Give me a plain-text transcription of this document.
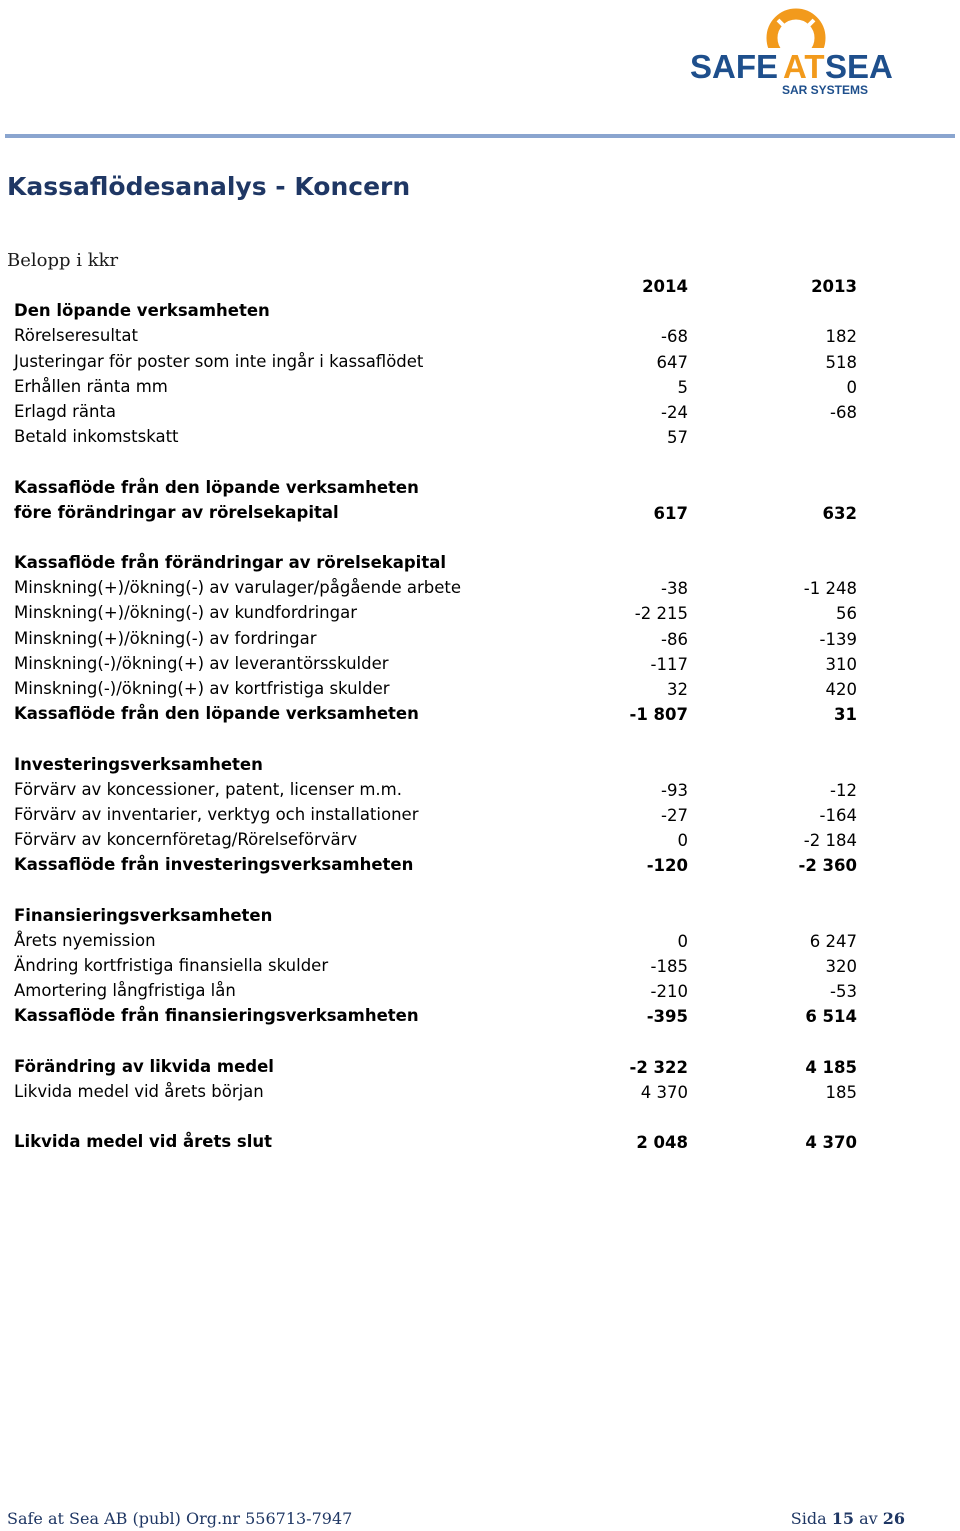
SAFE AT SEA
SAR SYSTEMS
Kassaflödesanalys - Koncern
Belopp i kkr
2014	2013
Den löpande verksamheten
Rörelseresultat	-68	182
Justeringar för poster som inte ingår i kassaflödet	647	518
Erhållen ränta mm	5	0
Erlagd ränta	-24	-68
Betald inkomstskatt	57
Kassaflöde från den löpande verksamheten
före förändringar av rörelsekapital	617	632
Kassaflöde från förändringar av rörelsekapital
Minskning(+)/ökning(-) av varulager/pågående arbete	-38	-1 248
Minskning(+)/ökning(-) av kundfordringar	-2 215	56
Minskning(+)/ökning(-) av fordringar	-86	-139
Minskning(-)/ökning(+) av leverantörsskulder	-117	310
Minskning(-)/ökning(+) av kortfristiga skulder	32	420
Kassaflöde från den löpande verksamheten	-1 807	31
Investeringsverksamheten
Förvärv av koncessioner, patent, licenser m.m.	-93	-12
Förvärv av inventarier, verktyg och installationer	-27	-164
Förvärv av koncernföretag/Rörelseförvärv	0	-2 184
Kassaflöde från investeringsverksamheten	-120	-2 360
Finansieringsverksamheten
Årets nyemission	0	6 247
Ändring kortfristiga finansiella skulder	-185	320
Amortering långfristiga lån	-210	-53
Kassaflöde från finansieringsverksamheten	-395	6 514
Förändring av likvida medel	-2 322	4 185
Likvida medel vid årets början	4 370	185
Likvida medel vid årets slut	2 048	4 370
Safe at Sea AB (publ) Org.nr 556713-7947	Sida 15 av 26
